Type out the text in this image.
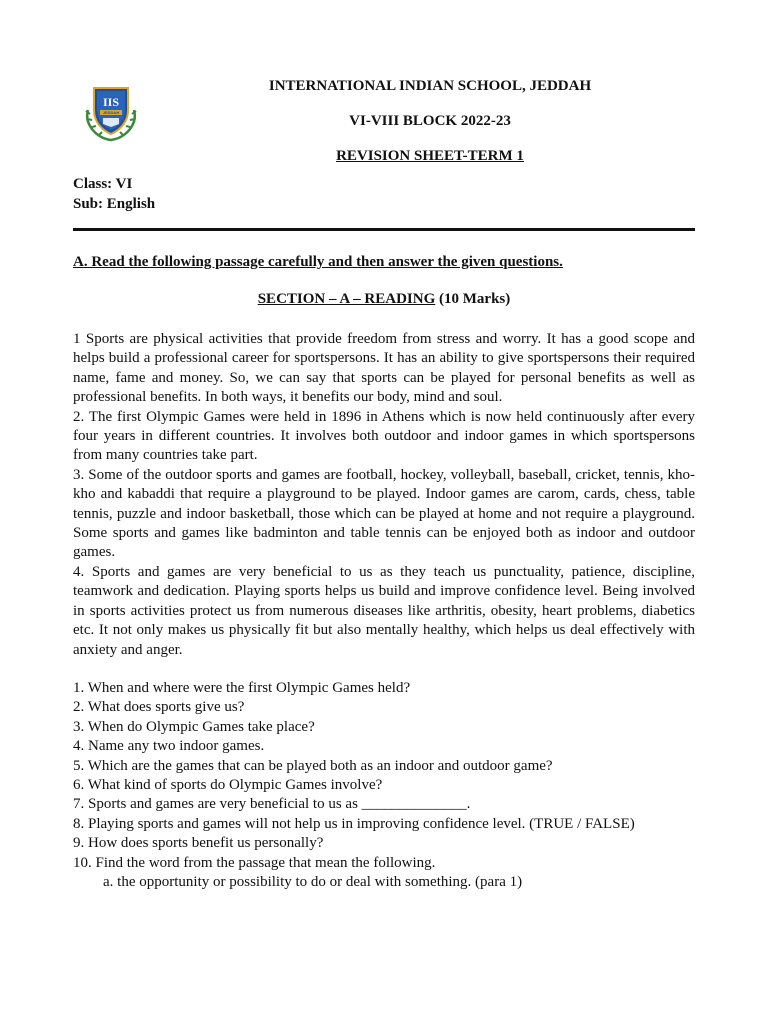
IIS
JEDDAH
INTERNATIONAL INDIAN SCHOOL, JEDDAH
VI-VIII BLOCK 2022-23
REVISION SHEET-TERM 1
Class: VI
Sub: English
A. Read the following passage carefully and then answer the given questions.
SECTION – A – READING (10 Marks)

1 Sports are physical activities that provide freedom from stress and worry. It has a good scope and helps build a professional career for sportspersons. It has an ability to give sportspersons their required name, fame and money. So, we can say that sports can be played for personal benefits as well as professional benefits. In both ways, it benefits our body, mind and soul.

2. The first Olympic Games were held in 1896 in Athens which is now held continuously after every four years in different countries. It involves both outdoor and indoor games in which sportspersons from many countries take part.

3. Some of the outdoor sports and games are football, hockey, volleyball, baseball, cricket, tennis, kho-kho and kabaddi that require a playground to be played. Indoor games are carom, cards, chess, table tennis, puzzle and indoor basketball, those which can be played at home and not require a playground. Some sports and games like badminton and table tennis can be enjoyed both as indoor and outdoor games.

4. Sports and games are very beneficial to us as they teach us punctuality, patience, discipline, teamwork and dedication. Playing sports helps us build and improve confidence level. Being involved in sports activities protect us from numerous diseases like arthritis, obesity, heart problems, diabetics etc. It not only makes us physically fit but also mentally healthy, which helps us deal effectively with anxiety and anger.

1. When and where were the first Olympic Games held?
2. What does sports give us?
3. When do Olympic Games take place?
4. Name any two indoor games.
5. Which are the games that can be played both as an indoor and outdoor game?
6. What kind of sports do Olympic Games involve?
7. Sports and games are very beneficial to us as ______________.
8. Playing sports and games will not help us in improving confidence level. (TRUE / FALSE)
9. How does sports benefit us personally?
10. Find the word from the passage that mean the following.
a. the opportunity or possibility to do or deal with something. (para 1)
